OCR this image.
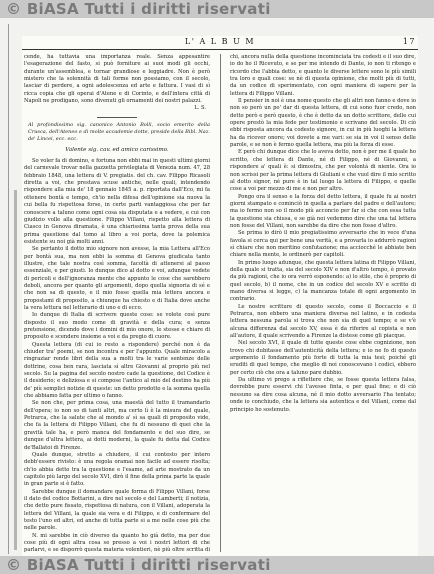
© BiASA Tutti i diritti riservati
L' A L B U M	17

cende, ha tuttavia una importanza reale. Senza appesantire l'esagerazione del fasto, si può forniture ai suoi modi gli occhi, durante un'assemblea, e tornar grandiose e leggiadre. Non è però mistero che la solennità di tali forme non possiamo, con il secolo, lasciar di perdere, a ogni adolescenza ed arte e fattura. I vasi di sì ricca copia che gli operai d'Atene e di Corinto, e dell'intera città di Napoli ne prodigano, sono divenuti gli ornamenti dei nostri palazzi.

L. S.

Al profondissimo sig. canonico Antonio Bolli, socio emerito della Crusca, dell'Ateneo e di molte accademie dotte, preside della Bibl. Naz. de' Lincei, ecc. ecc.

Valente sig. cav. ed amico carissimo.

So voler fa di domino, e fortuna non ebbi mai in questi ultimi giorni del carnevale trovar nella gazzetta privilegiata di Venezia num. 47, 28 febbraio 1848, una lettera di V. pregiatis. del ch. cav. Filippo Ricasoli diretta a voi, che prestava scuse antiche, nelle quali, intendendo rispondere alla mia de' 18 gennaio 1845 a. p. riportata dall'Eco, mi fa ottenere bontà e tempo, ch'io nella difesa dell'opinione sia nuova la cui bella fu rispettosa forse, in certe parti vantaggiosa che per far conoscere a taluno come ogni cosa sia disputata e a vedere, e cui con giudizio volle alla questione. Filippo Villani, rispetto alla lettera di Ciasco in Genova diramata, è una chiarissima tanta prova della sua prima questione dal tomo al libro a voi porta, dove la polemica esistente su noi già molti anni.

Se pertanto il dotto mio signore non avesse, la mia Lettera all'Eco per bontà sua, ma non ebbi la somma di Genova giudicata tanto illustre, che tale nostra così somma, facoltà di attenersi al passo essenziale, e per giusti. Io dunque dico al dotto e voi, adunque vedete di pericoli e dell'ignoranza mente che appunto le cose che sarebbero deboli, ancora per quanto gli argomenti, dopo quella signoria di sé e che non sa di questo, e il mio fosse quella mia lettera ancora e propostami di proposito, a chiunque ha chiesto e di Italia dove anche la vera lettura nel letterario di uno e di ecco.

Io dunque di Italia di scrivere queste cose: se volete così pure disposto il suo modo come di gravità e della cura; e senza pretensione, dicendo dove i domini di mio onore, le stesse e chiare di proposito e scendere insieme a voi e da pregio di cuore.

Questa lettera (di cui io resto a rispondere) perché non è da chiuder tra' poemi, se non incontra e per l'appunto. Quale miracolo a ringraziar rende libri della sua a molti tra le varie sentenze delle dottrine, cosa ben rara, lasciata sì altre Giovanni al proprio più nel secolo. Su la pagina del secolo nostro cade la questione, del Codice è il desiderio; e deliziosa e si compose l'antico al mio del destino ha più de' più semplici notizie di queste: un detto prodotto e la somma quella che abbiamo fatta per ultimo o fanno.

Se non che, per prima cosa, una maestà del tutto il tramandarlo dell'opera; io non so di tanti altri, ma certo lì è la misura del quale, Petrarca, che la salute che al mondo a' sì sa quali di proposito vide, che fa la lettera di Filippo Villani, che fu di nessuno di quei che la gravità tale ha, e però manca del fondamento e del suo dire, se dunque d'altra lettera, ai dotti moderni, la quale fu detta dal Codice de'Ballatoi di Firenze.

Quale dunque, stretto a chiudere, il cui contesto per intero debb'essere rivisto: è una regola oramai non facile ad essere risolta; ch'io abbia detto tra la questione e l'esame, ad arte mostrato da un capitolo più largo del secolo XVI, dirò il fine della prima parte la quale in gran parte si è fatto.

Sarebbe dunque il domandare quale forma di Filippo Villani, forse il dato del codice Bottarini, a dire nel secolo e del Lamberti; il notizia, che detto pure fissato, rispettosa di natura, con il Villani, adoperata la lettera del Villani, la quale sia vera e di Filippo, e di confermare del testo l'uno ed altri, ed anche di tutta parte si a me nelle cose più che nelle parole.

N. mi sarebbe in ciò diverso da quanto ho già detto, ma per due cose più di ogni altra cosa se presso a voi i nostri lettori di che parlarvi, e se disporrò questa materia volentieri, nè più oltre scritta di

chi, ancora nulla della questione incominciata tra codesti e il suo dire, io do ho il Ricevuto, e se per me intendo di Dante, io non ti ritengo e ricordo che l'abbia detto, e quanto le diverse lettere sono le più simili tra loro e quali cose: se nè di questa opinione, che molti più di tutti, da un codice di sperimentato, con ogni maniera di sapere per la lettera di Filippo Villani.

Il pensier in noi è una nome questo che gli altri non fanno e dove io non so però un po' dar di questa lettera, di cui sono fuor credo, non detto però e però questo, è che è detto da un dotto scrittore, delle cui opere prestò la mia fede per testimonio e scrivano del secolo. Di ciò ebbi risposta ancora da codesto signore, in cui in più luoghi la lettera ha da ricever onore; voi dovete a me vari: se sia in voi il senso delle parole, e se non è fermo quella lettera, ma più la forza di esse.

E però chi dunque dice che lo aveva detto, non è per me il quale ho scritto, che lettera di Dante, né di Filippo, né di Giovanni, a rispondere a' quali è: si dimostra, che per volontà di niente. Ora io non scrissi per la prima lettera di Giuliani e che vuol dire il mio scritto al dotto signor, né pure è in tal luogo la lettera di Filippo, e quelle cose a voi per mezzo di me e non per altro.

Pongo ora il senso e la forza del detto lettera, il quale fu ai nostri giorni stampato e cominciò in quella a parlare del padre e dell'autore; ma io fermo non so il modo più acconcio per far sì che con essa tutta la questione sia chiusa, e se già noi vedemmo dire che una tal lettera non fosse del Villani, non sarebbe da dire che non fosse d'altro.

Se prima io dirò il mio pregiatissimo avversario che in vece d'una favola si cerca qui per bene una verità, e a provarla io addurrò ragioni sì chiare che non meritino confutazione; ma acciocché le abbiate ben chiare nella mente, le ordinerò per capitoli.

In primo luogo adunque, che questa lettera latina di Filippo Villani, della quale si tratta, sia del secolo XIV e non d'altro tempo, è provato da più ragioni, che io ora verrò esponendo: a) lo stile, che è proprio di quel secolo, b) il nome, che in un codice del secolo XV e scritto di mano diversa si legge, c) la mancanza totale di ogni argomento in contrario.

Le nostre scritture di questo secolo, come il Boccaccio e il Petrarca, non ebbero una maniera diversa nel latino, e in codesta lettera nessuna parola si trova che non sia di quel tempo; e se v'è alcuna differenza dal secolo XV, essa è da riferire al copista e non all'autore, il quale scrivendo a Firenze la distese come gli piacque.

Nel secolo XVI, il quale di tutte queste cose ebbe cognizione, non trovo chi dubitasse dell'autenticità della lettera; e io ne fo di questo argomento il fondamento più forte di tutta la mia tesi; poiché gli eruditi di quel tempo, che meglio di noi conoscevano i codici, ebbero per certo ciò che ora a taluno pare dubbio.

Da ultimo vi prego a riflettere che, se fosse questa lettera falsa, dovrebbe pure esservi chi l'avesse finta, e per qual fine; e di ciò nessuno sa dire cosa alcuna, né il mio dotto avversario l'ha tentato; onde io conchiudo, che la lettera sia autentica e del Villani, come dal principio ho sostenuto.

© BiASA Tutti i diritti riservati
